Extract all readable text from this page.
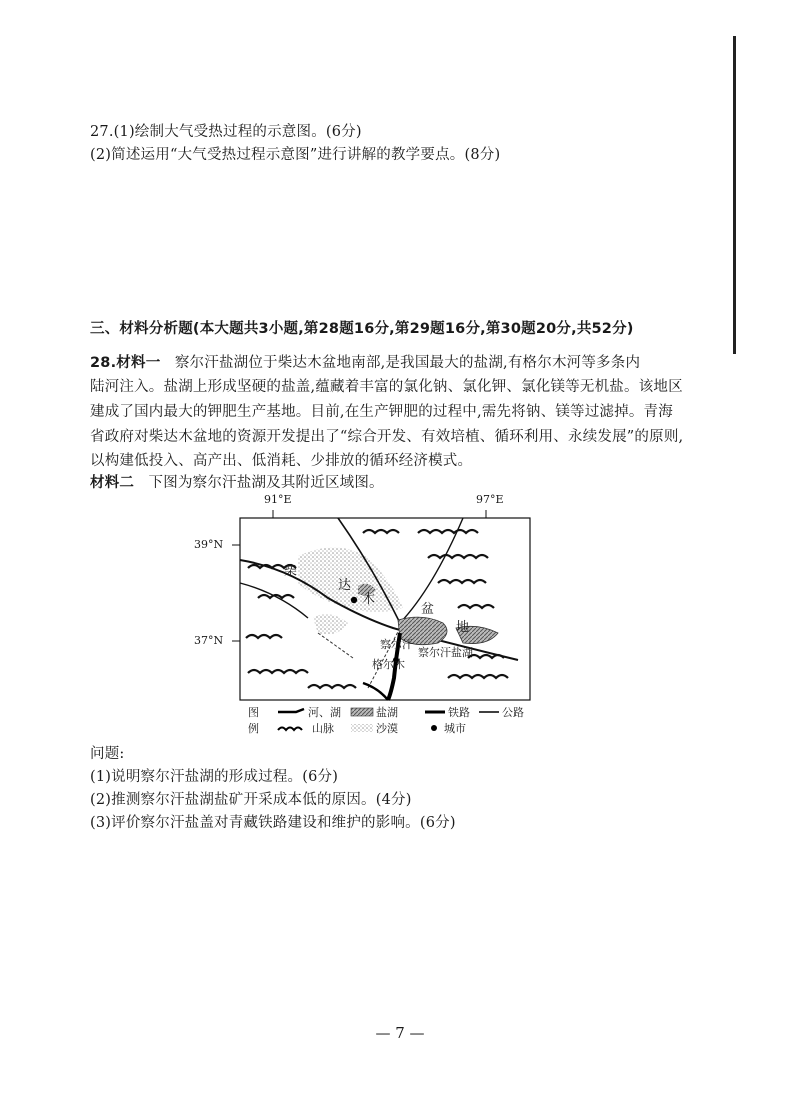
27.(1)绘制大气受热过程的示意图。(6分)
(2)简述运用“大气受热过程示意图”进行讲解的教学要点。(8分)
三、材料分析题(本大题共3小题,第28题16分,第29题16分,第30题20分,共52分)
28.材料一 察尔汗盐湖位于柴达木盆地南部,是我国最大的盐湖,有格尔木河等多条内
陆河注入。盐湖上形成坚硬的盐盖,蕴藏着丰富的氯化钠、氯化钾、氯化镁等无机盐。该地区
建成了国内最大的钾肥生产基地。目前,在生产钾肥的过程中,需先将钠、镁等过滤掉。青海
省政府对柴达木盆地的资源开发提出了“综合开发、有效培植、循环利用、永续发展”的原则,
以构建低投入、高产出、低消耗、少排放的循环经济模式。
材料二 下图为察尔汗盐湖及其附近区域图。
91°E	97°E
39°N
37°N
柴
达
木
盆
地
察尔汗
察尔汗盐湖
格尔木
图
例
河、湖	盐湖	铁路	公路
山脉	沙漠	城市
问题:
(1)说明察尔汗盐湖的形成过程。(6分)
(2)推测察尔汗盐湖盐矿开采成本低的原因。(4分)
(3)评价察尔汗盐盖对青藏铁路建设和维护的影响。(6分)
— 7 —
